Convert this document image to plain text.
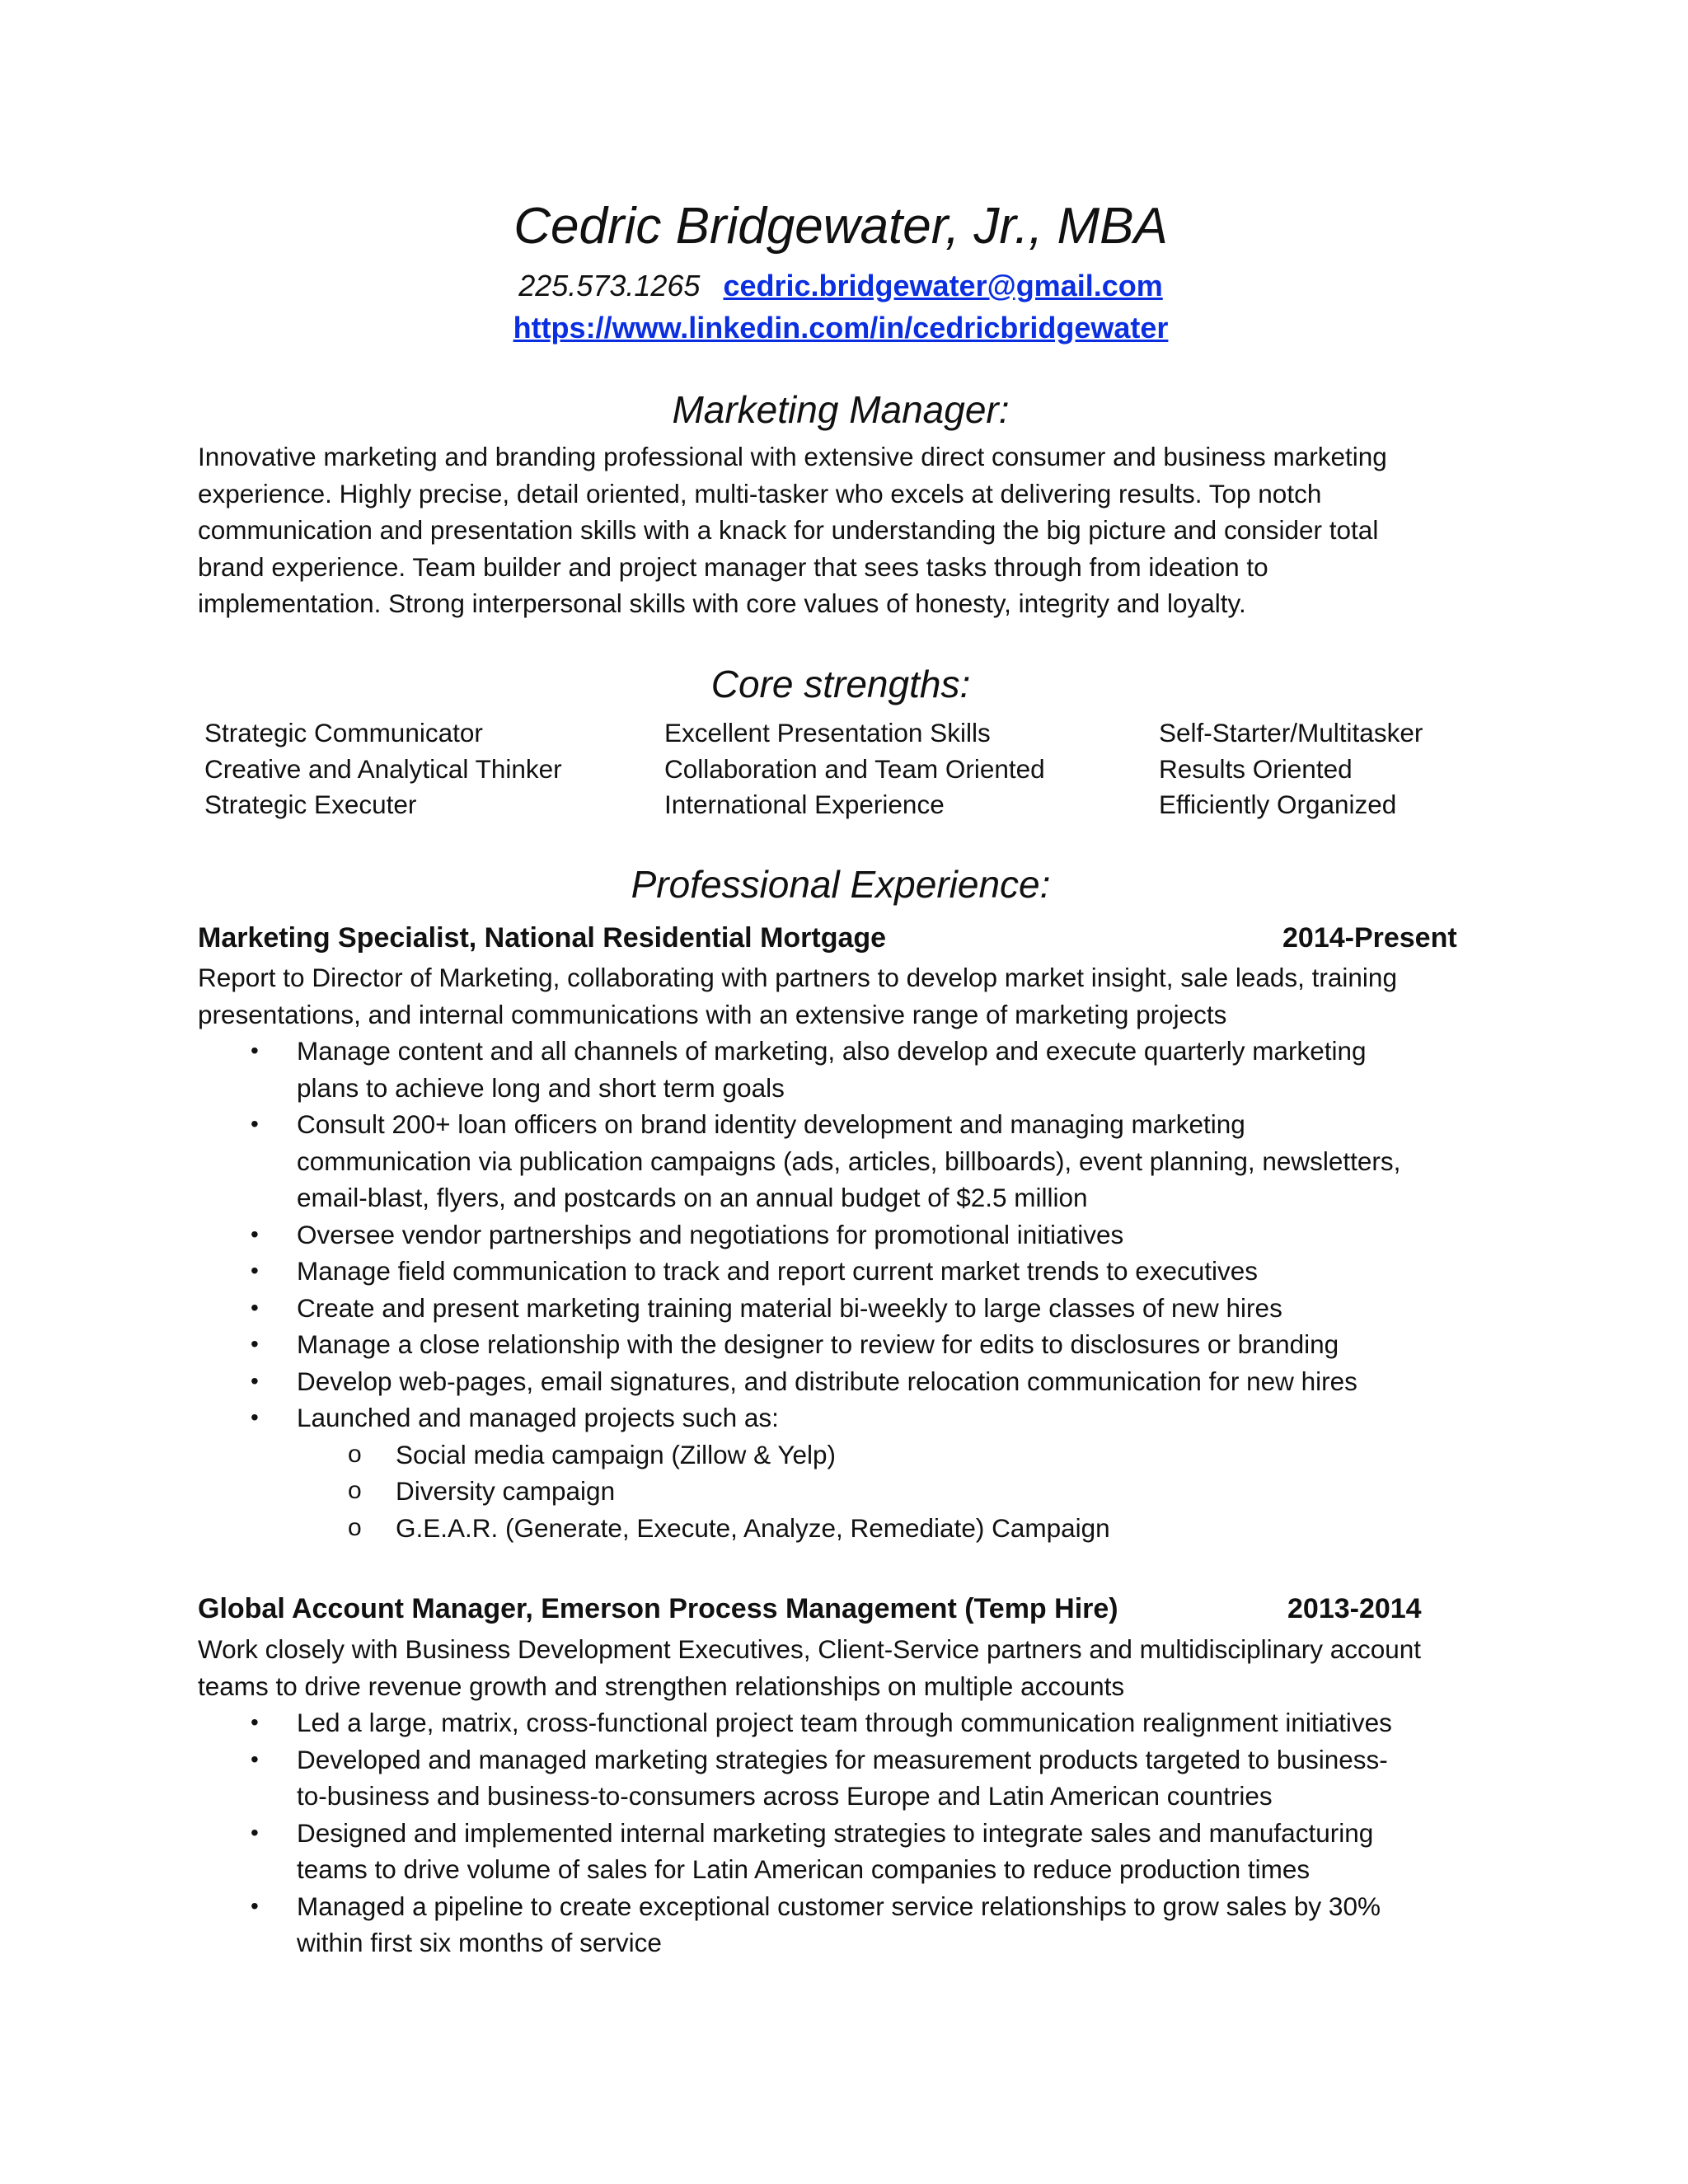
Cedric Bridgewater, Jr., MBA
225.573.1265 cedric.bridgewater@gmail.com
https://www.linkedin.com/in/cedricbridgewater
Marketing Manager:
Innovative marketing and branding professional with extensive direct consumer and business marketing
experience. Highly precise, detail oriented, multi-tasker who excels at delivering results. Top notch
communication and presentation skills with a knack for understanding the big picture and consider total
brand experience. Team builder and project manager that sees tasks through from ideation to
implementation. Strong interpersonal skills with core values of honesty, integrity and loyalty.
Core strengths:
Strategic Communicator	Excellent Presentation Skills	Self-Starter/Multitasker
Creative and Analytical Thinker	Collaboration and Team Oriented	Results Oriented
Strategic Executer	International Experience	Efficiently Organized
Professional Experience:
Marketing Specialist, National Residential Mortgage	2014-Present
Report to Director of Marketing, collaborating with partners to develop market insight, sale leads, training
presentations, and internal communications with an extensive range of marketing projects
• Manage content and all channels of marketing, also develop and execute quarterly marketing
plans to achieve long and short term goals
• Consult 200+ loan officers on brand identity development and managing marketing
communication via publication campaigns (ads, articles, billboards), event planning, newsletters,
email-blast, flyers, and postcards on an annual budget of $2.5 million
• Oversee vendor partnerships and negotiations for promotional initiatives
• Manage field communication to track and report current market trends to executives
• Create and present marketing training material bi-weekly to large classes of new hires
• Manage a close relationship with the designer to review for edits to disclosures or branding
• Develop web-pages, email signatures, and distribute relocation communication for new hires
• Launched and managed projects such as:
o Social media campaign (Zillow & Yelp)
o Diversity campaign
o G.E.A.R. (Generate, Execute, Analyze, Remediate) Campaign
Global Account Manager, Emerson Process Management (Temp Hire)	2013-2014
Work closely with Business Development Executives, Client-Service partners and multidisciplinary account
teams to drive revenue growth and strengthen relationships on multiple accounts
• Led a large, matrix, cross-functional project team through communication realignment initiatives
• Developed and managed marketing strategies for measurement products targeted to business-
to-business and business-to-consumers across Europe and Latin American countries
• Designed and implemented internal marketing strategies to integrate sales and manufacturing
teams to drive volume of sales for Latin American companies to reduce production times
• Managed a pipeline to create exceptional customer service relationships to grow sales by 30%
within first six months of service
